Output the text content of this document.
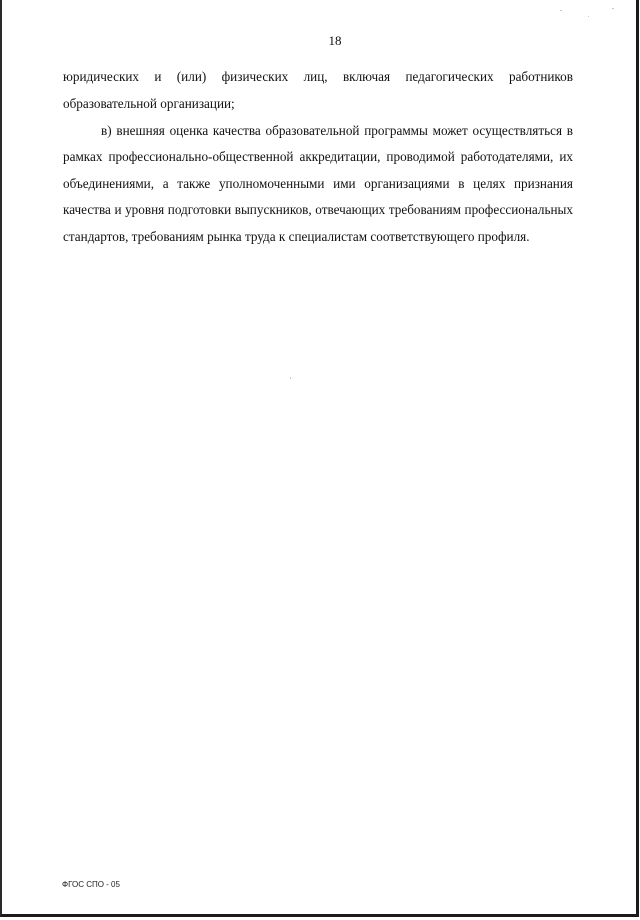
18

юридических и (или) физических лиц, включая педагогических работников образовательной организации;

в) внешняя оценка качества образовательной программы может осуществляться в рамках профессионально-общественной аккредитации, проводимой работодателями, их объединениями, а также уполномоченными ими организациями в целях признания качества и уровня подготовки выпускников, отвечающих требованиям профессиональных стандартов, требованиям рынка труда к специалистам соответствующего профиля.

ФГОС СПО - 05
